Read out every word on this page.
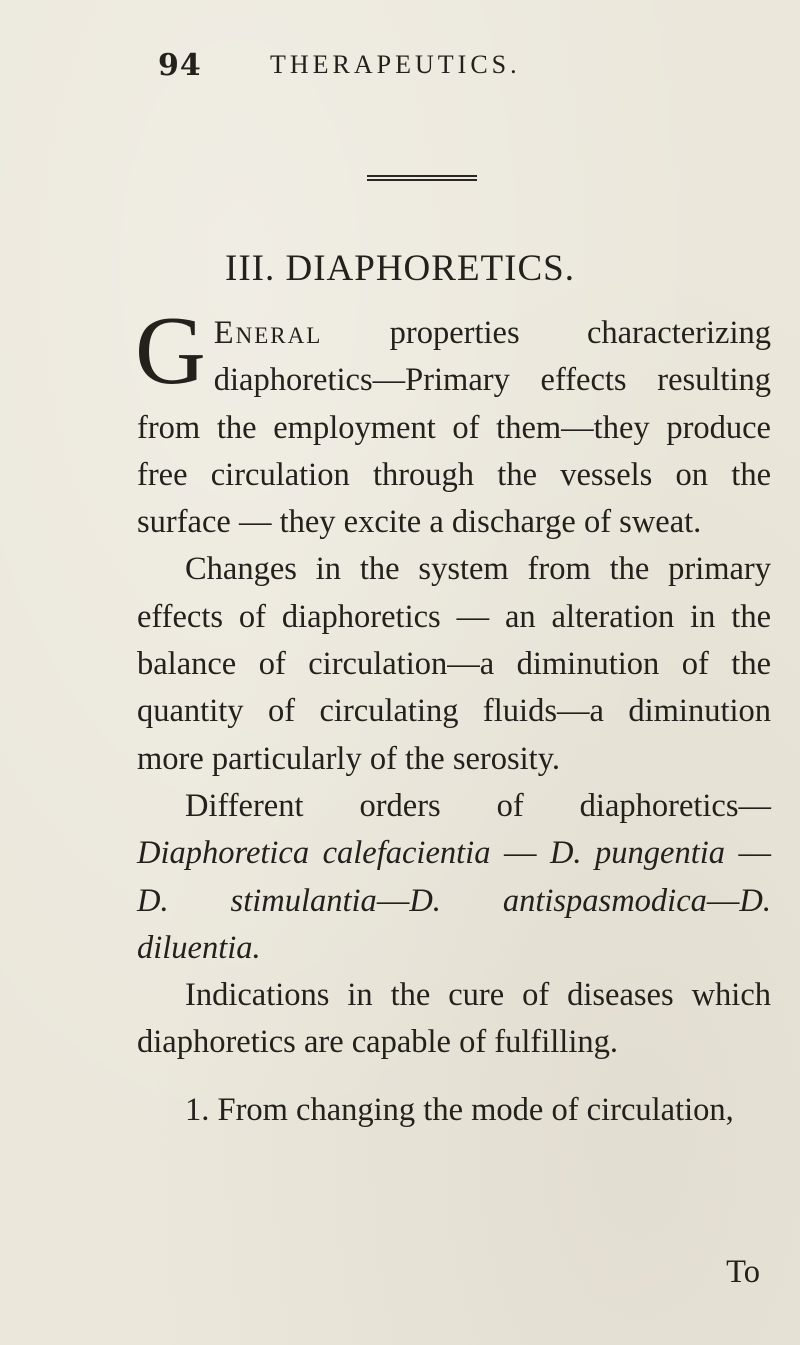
94	THERAPEUTICS.
III. DIAPHORETICS.

G Eneral properties characterizing diaphoretics—Primary effects resulting from the employment of them—they produce free circulation through the vessels on the surface — they excite a discharge of sweat.

Changes in the system from the primary effects of diaphoretics — an alteration in the balance of circulation—a diminution of the quantity of circulating fluids—a diminution more particularly of the serosity.

Different orders of diaphoretics—Diaphoretica calefacientia — D. pungentia — D. stimulantia—D. antispasmodica—D. diluentia.

Indications in the cure of diseases which diaphoretics are capable of fulfilling.

1. From changing the mode of circulation,

To
